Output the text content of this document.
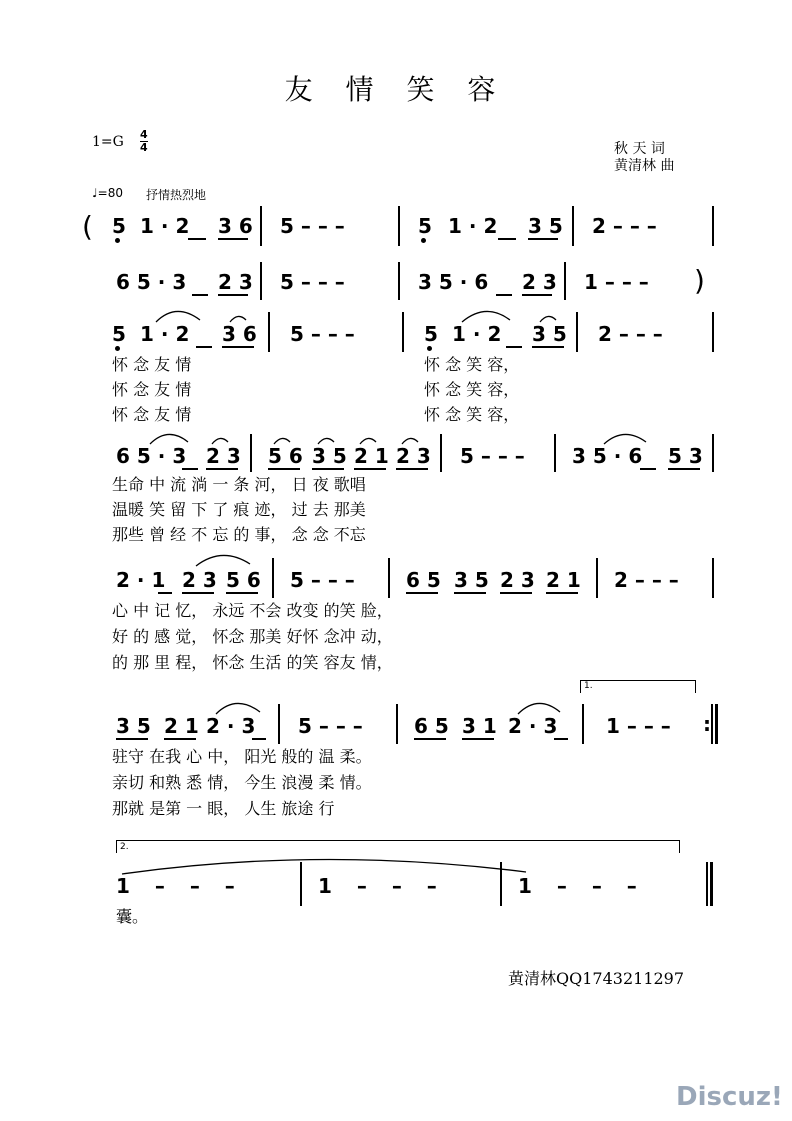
友 情 笑 容
1=G 4
4	秋 天 词
黄清林 曲
♩=80 抒情热烈地
( 5 1 · 2 3 6 5 – – –	5 1 · 2 3 5 2 – – –
6 5 · 3 2 3 5 – – –	3 5 · 6 2 3 1 – – – )
5 1 · 2 3 6 5 – – –	5 1 · 2 3 5 2 – – –
怀 念 友 情
怀 念 友 情
怀 念 友 情
怀 念 笑 容，
怀 念 笑 容，
怀 念 笑 容，
6 5 · 3 2 3 5 6 3 5 2 1 2 3 5 – – – 3 5 · 6 5 3
生命 中 流 淌 一 条 河， 日 夜 歌唱
温暖 笑 留 下 了 痕 迹， 过 去 那美
那些 曾 经 不 忘 的 事， 念 念 不忘
2 · 1 2 3 5 6 5 – – –	6 5 3 5 2 3 2 1 2 – – –
心 中 记 忆， 永远 不会 改变 的笑 脸，
好 的 感 觉， 怀念 那美 好怀 念冲 动，
的 那 里 程， 怀念 生活 的笑 容友 情，
1.
3 5 2 1 2 · 3 5 – – –	6 5 3 1 2 · 3 1 – – – :
驻守 在我 心 中， 阳光 般的 温 柔。
亲切 和熟 悉 情， 今生 浪漫 柔 情。
那就 是第 一 眼， 人生 旅途 行
2.
1 – – –	1 – – –	1 – – –
囊。
黄清林QQ1743211297
Discuz!
